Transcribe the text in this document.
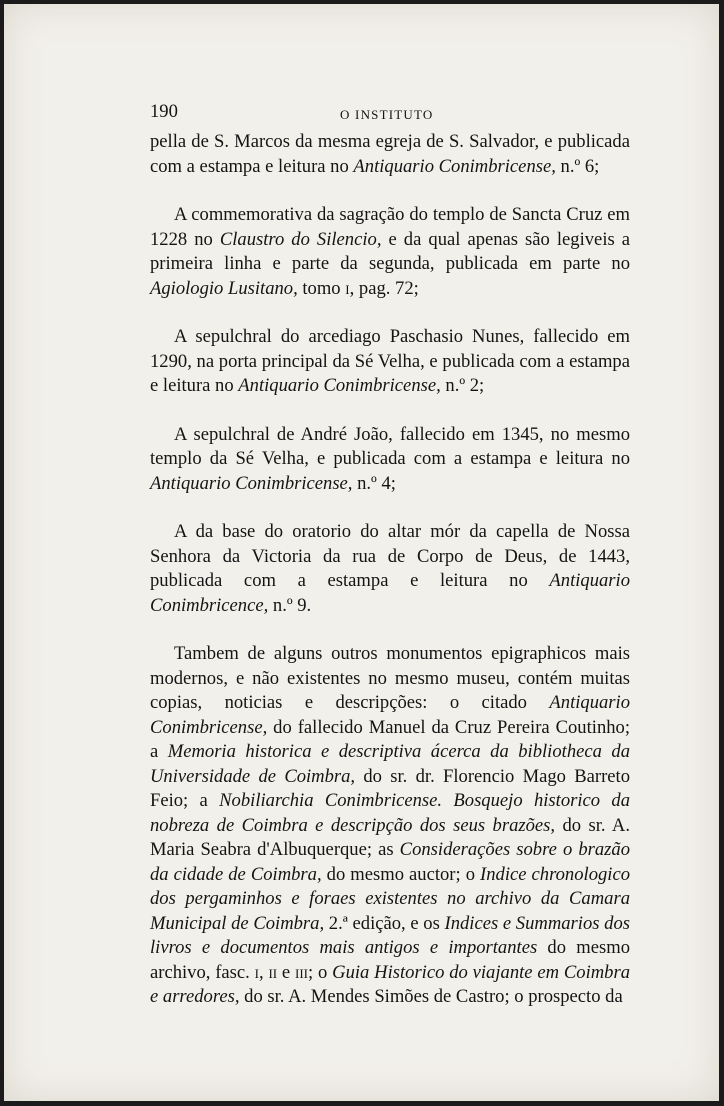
190	O INSTITUTO

pella de S. Marcos da mesma egreja de S. Salvador, e publicada com a estampa e leitura no Antiquario Conimbricense, n.º 6;

A commemorativa da sagração do templo de Sancta Cruz em 1228 no Claustro do Silencio, e da qual apenas são legiveis a primeira linha e parte da segunda, publicada em parte no Agiologio Lusitano, tomo i, pag. 72;

A sepulchral do arcediago Paschasio Nunes, fallecido em 1290, na porta principal da Sé Velha, e publicada com a estampa e leitura no Antiquario Conimbricense, n.º 2;

A sepulchral de André João, fallecido em 1345, no mesmo templo da Sé Velha, e publicada com a estampa e leitura no Antiquario Conimbricense, n.º 4;

A da base do oratorio do altar mór da capella de Nossa Senhora da Victoria da rua de Corpo de Deus, de 1443, publicada com a estampa e leitura no Antiquario Conimbricence, n.º 9.

Tambem de alguns outros monumentos epigraphicos mais modernos, e não existentes no mesmo museu, contém muitas copias, noticias e descripções: o citado Antiquario Conimbricense, do fallecido Manuel da Cruz Pereira Coutinho; a Memoria historica e descriptiva ácerca da bibliotheca da Universidade de Coimbra, do sr. dr. Florencio Mago Barreto Feio; a Nobiliarchia Conimbricense. Bosquejo historico da nobreza de Coimbra e descripção dos seus brazões, do sr. A. Maria Seabra d'Albuquerque; as Considerações sobre o brazão da cidade de Coimbra, do mesmo auctor; o Indice chronologico dos pergaminhos e foraes existentes no archivo da Camara Municipal de Coimbra, 2.ª edição, e os Indices e Summarios dos livros e documentos mais antigos e importantes do mesmo archivo, fasc. i, ii e iii; o Guia Historico do viajante em Coimbra e arredores, do sr. A. Mendes Simões de Castro; o prospecto da
